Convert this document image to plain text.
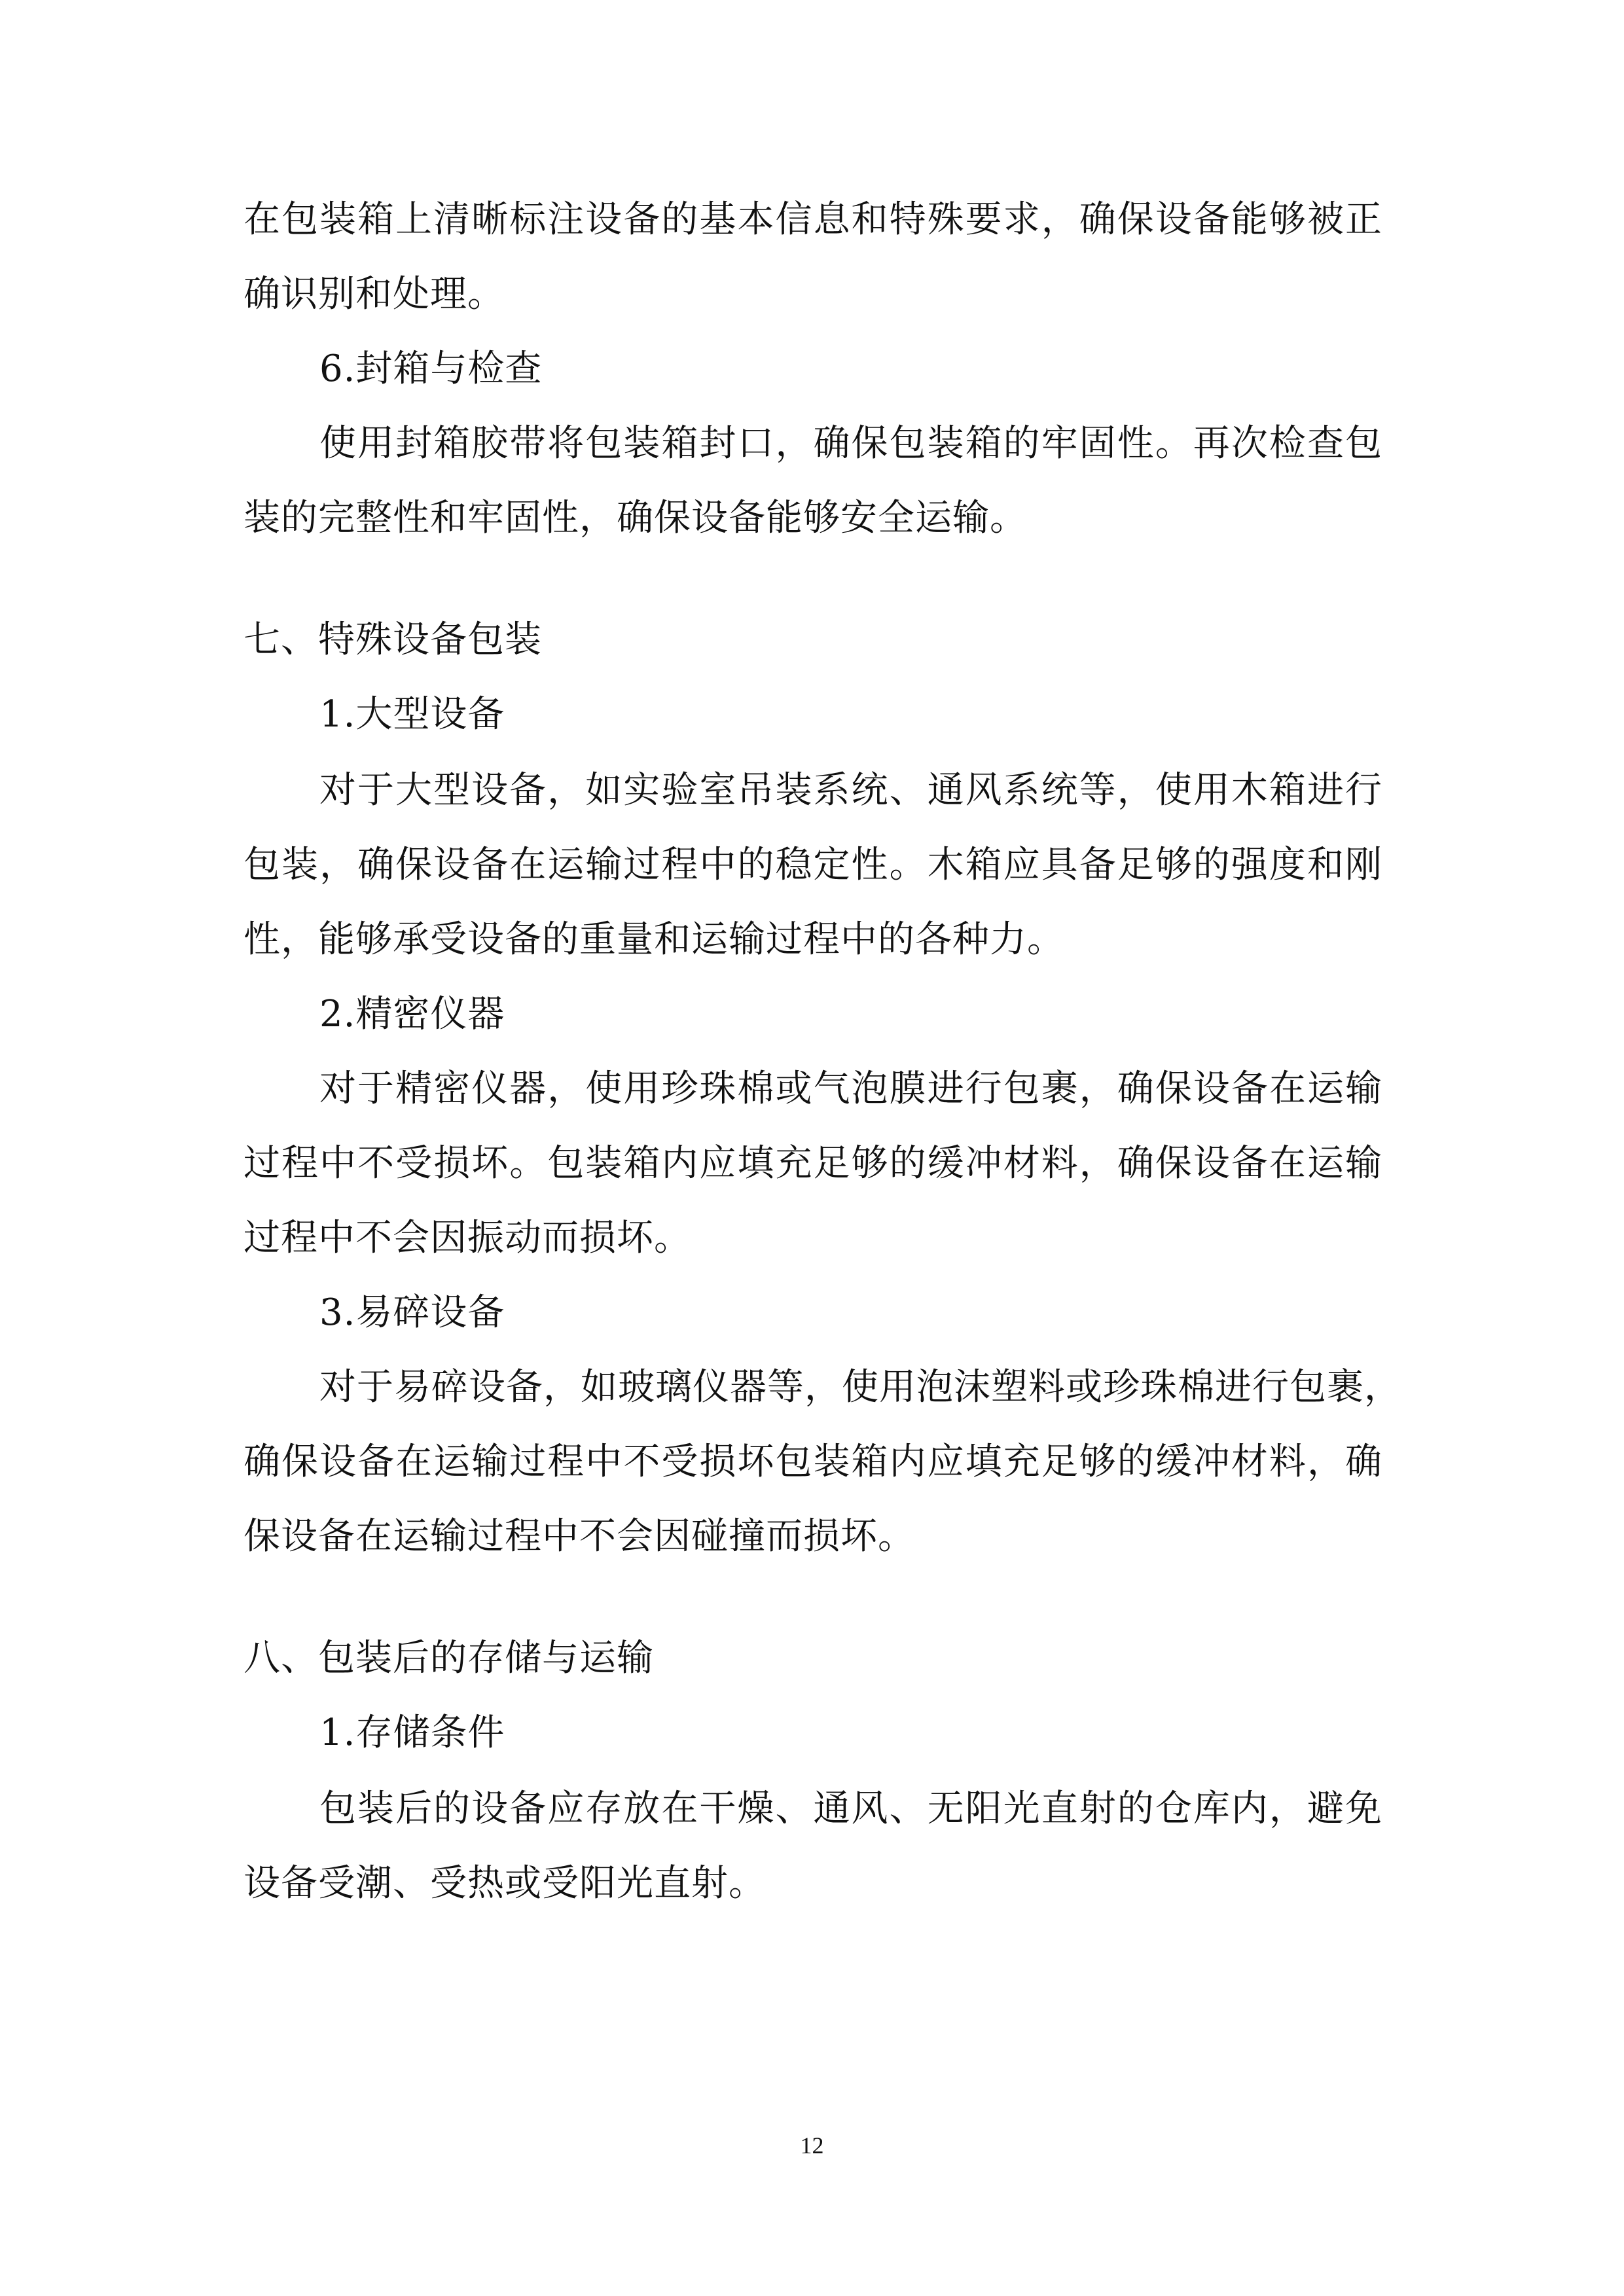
在包装箱上清晰标注设备的基本信息和特殊要求，确保设备能够被正
确识别和处理。
6.封箱与检查
使用封箱胶带将包装箱封口，确保包装箱的牢固性。再次检查包
装的完整性和牢固性，确保设备能够安全运输。
七、特殊设备包装
1.大型设备
对于大型设备，如实验室吊装系统、通风系统等，使用木箱进行
包装，确保设备在运输过程中的稳定性。木箱应具备足够的强度和刚
性，能够承受设备的重量和运输过程中的各种力。
2.精密仪器
对于精密仪器，使用珍珠棉或气泡膜进行包裹，确保设备在运输
过程中不受损坏。包装箱内应填充足够的缓冲材料，确保设备在运输
过程中不会因振动而损坏。
3.易碎设备
对于易碎设备，如玻璃仪器等，使用泡沫塑料或珍珠棉进行包裹，
确保设备在运输过程中不受损坏包装箱内应填充足够的缓冲材料，确
保设备在运输过程中不会因碰撞而损坏。
八、包装后的存储与运输
1.存储条件
包装后的设备应存放在干燥、通风、无阳光直射的仓库内，避免
设备受潮、受热或受阳光直射。
12
